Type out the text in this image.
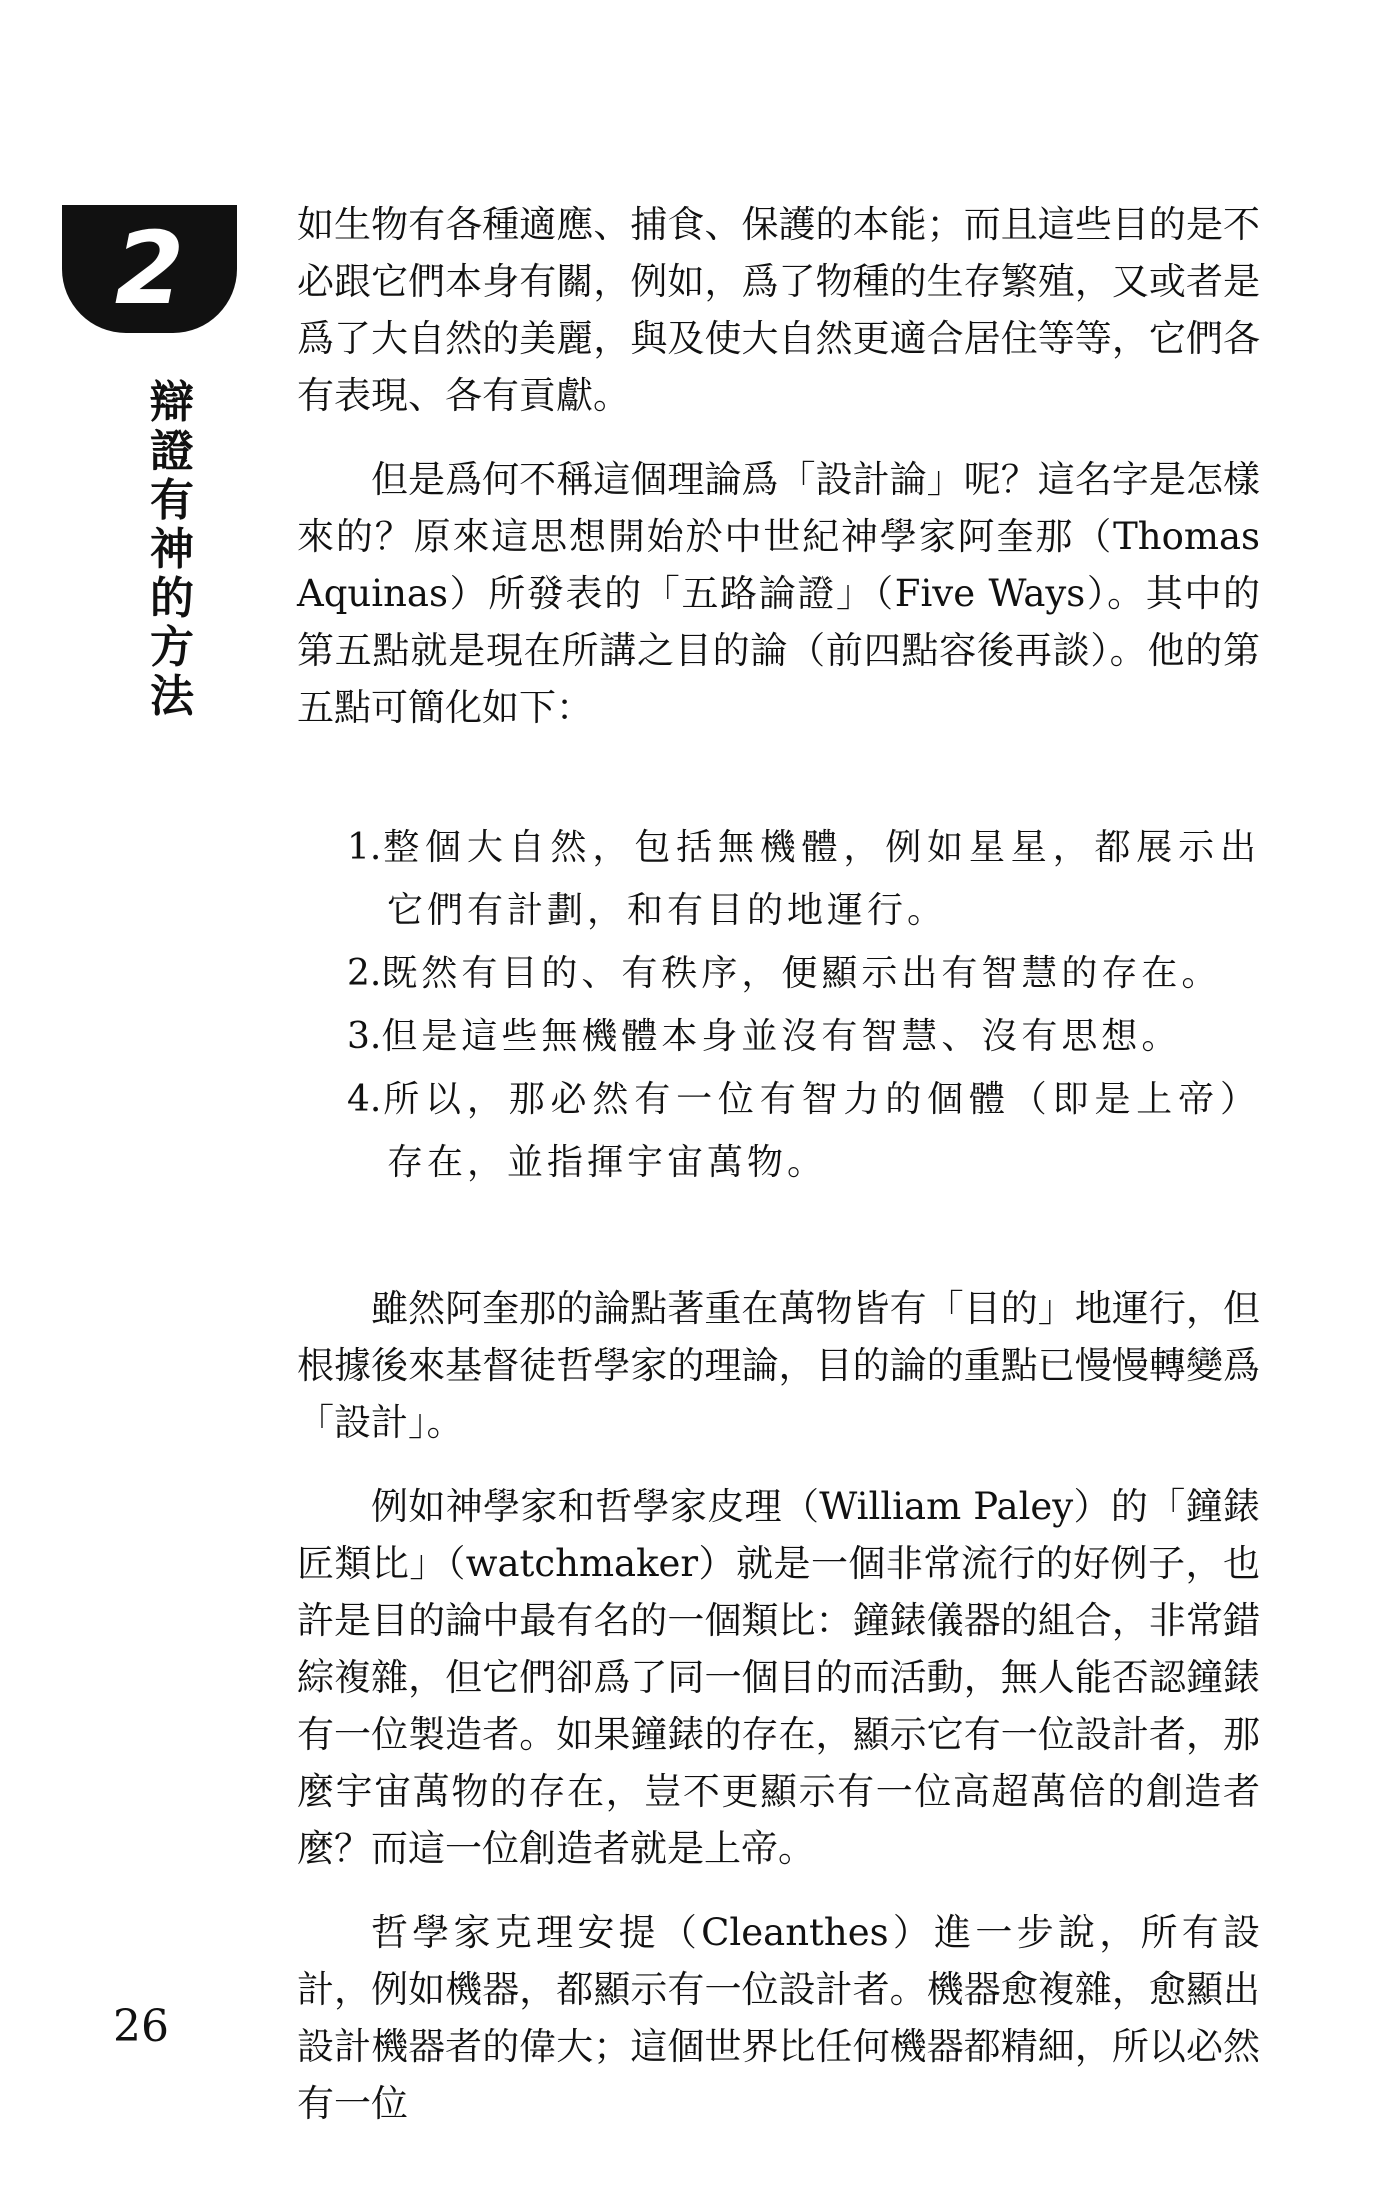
2
辯
證
有
神
的
方
法

如生物有各種適應、捕食、保護的本能；而且這些目的是不必跟它們本身有關，例如，爲了物種的生存繁殖，又或者是爲了大自然的美麗，與及使大自然更適合居住等等，它們各有表現、各有貢獻。

但是爲何不稱這個理論爲「設計論」呢？這名字是怎樣來的？原來這思想開始於中世紀神學家阿奎那（Thomas Aquinas）所發表的「五路論證」（Five Ways）。其中的第五點就是現在所講之目的論（前四點容後再談）。他的第五點可簡化如下：

1.整個大自然，包括無機體，例如星星，都展示出它們有計劃，和有目的地運行。
2.既然有目的、有秩序，便顯示出有智慧的存在。
3.但是這些無機體本身並沒有智慧、沒有思想。
4.所以，那必然有一位有智力的個體（即是上帝）存在，並指揮宇宙萬物。

雖然阿奎那的論點著重在萬物皆有「目的」地運行，但根據後來基督徒哲學家的理論，目的論的重點已慢慢轉變爲「設計」。

例如神學家和哲學家皮理（William Paley）的「鐘錶匠類比」（watchmaker）就是一個非常流行的好例子，也許是目的論中最有名的一個類比：鐘錶儀器的組合，非常錯綜複雜，但它們卻爲了同一個目的而活動，無人能否認鐘錶有一位製造者。如果鐘錶的存在，顯示它有一位設計者，那麼宇宙萬物的存在，豈不更顯示有一位高超萬倍的創造者麼？而這一位創造者就是上帝。

哲學家克理安提（Cleanthes）進一步說，所有設計，例如機器，都顯示有一位設計者。機器愈複雜，愈顯出設計機器者的偉大；這個世界比任何機器都精細，所以必然有一位

26
